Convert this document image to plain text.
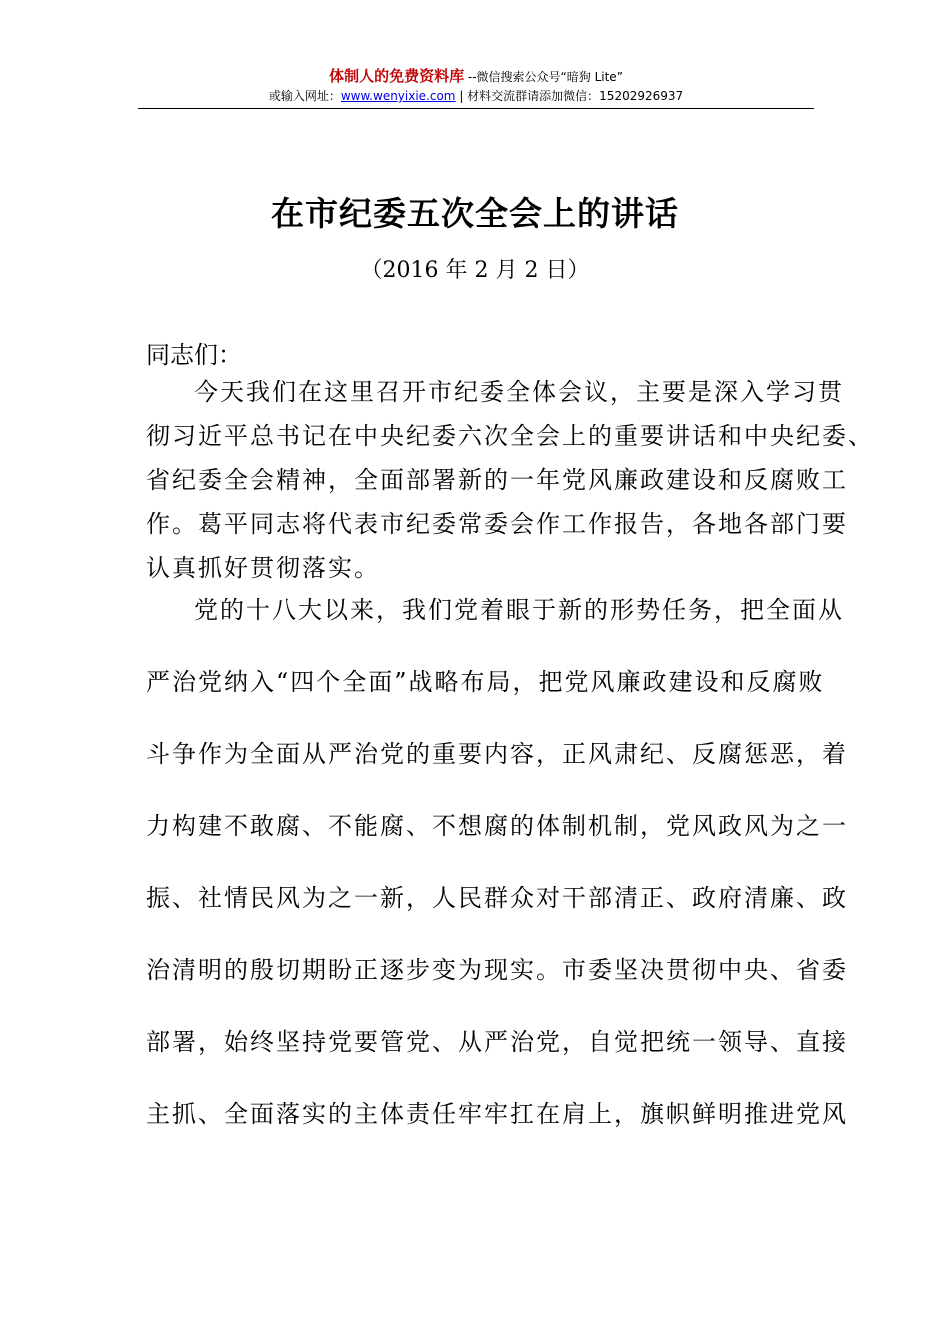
体制人的免费资料库 --微信搜索公众号“暗狗 Lite”
或输入网址：www.wenyixie.com | 材料交流群请添加微信：15202926937
在市纪委五次全会上的讲话
（2016 年 2 月 2 日）
同志们：
今天我们在这里召开市纪委全体会议，主要是深入学习贯
彻习近平总书记在中央纪委六次全会上的重要讲话和中央纪委、
省纪委全会精神，全面部署新的一年党风廉政建设和反腐败工
作。葛平同志将代表市纪委常委会作工作报告，各地各部门要
认真抓好贯彻落实。
党的十八大以来，我们党着眼于新的形势任务，把全面从
严治党纳入“四个全面”战略布局，把党风廉政建设和反腐败
斗争作为全面从严治党的重要内容，正风肃纪、反腐惩恶，着
力构建不敢腐、不能腐、不想腐的体制机制，党风政风为之一
振、社情民风为之一新，人民群众对干部清正、政府清廉、政
治清明的殷切期盼正逐步变为现实。市委坚决贯彻中央、省委
部署，始终坚持党要管党、从严治党，自觉把统一领导、直接
主抓、全面落实的主体责任牢牢扛在肩上，旗帜鲜明推进党风
